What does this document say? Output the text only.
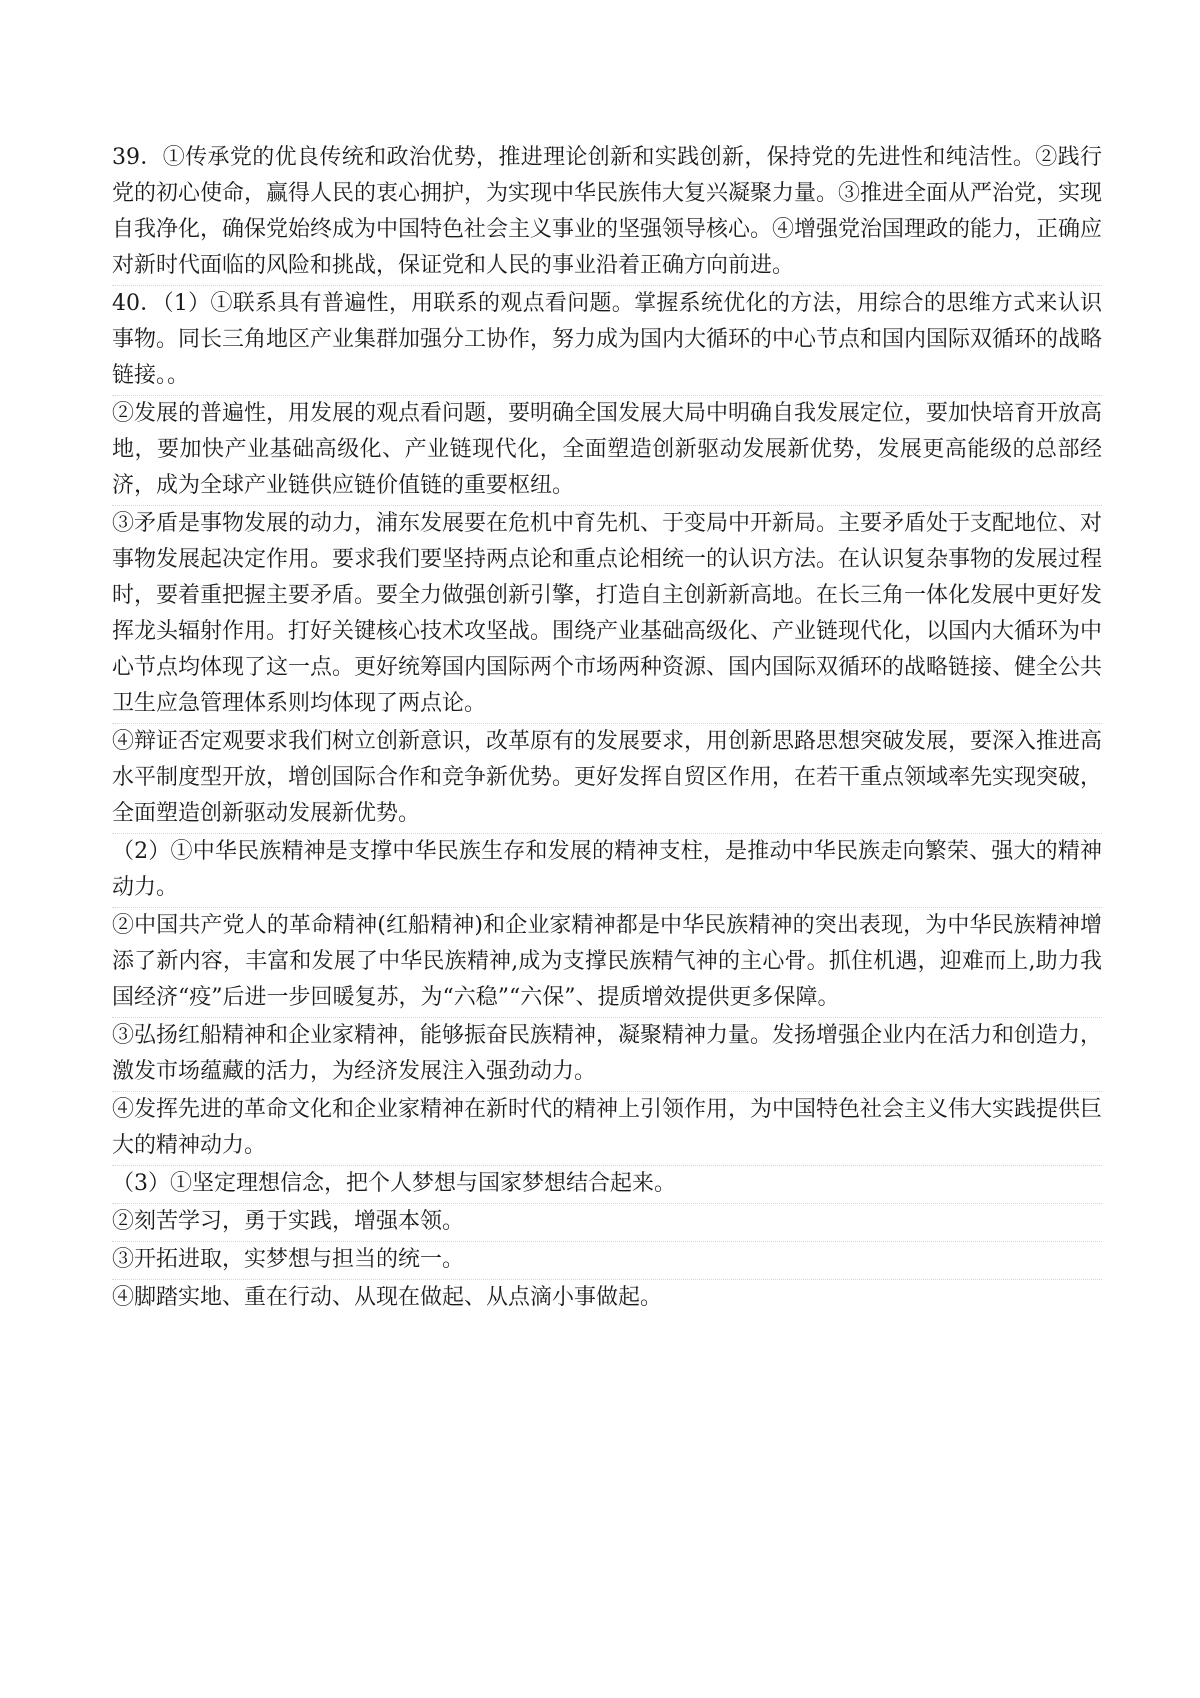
39．①传承党的优良传统和政治优势，推进理论创新和实践创新，保持党的先进性和纯洁性。②践行党的初心使命，赢得人民的衷心拥护，为实现中华民族伟大复兴凝聚力量。③推进全面从严治党，实现自我净化，确保党始终成为中国特色社会主义事业的坚强领导核心。④增强党治国理政的能力，正确应对新时代面临的风险和挑战，保证党和人民的事业沿着正确方向前进。

40．（1）①联系具有普遍性，用联系的观点看问题。掌握系统优化的方法，用综合的思维方式来认识事物。同长三角地区产业集群加强分工协作，努力成为国内大循环的中心节点和国内国际双循环的战略链接。。

②发展的普遍性，用发展的观点看问题，要明确全国发展大局中明确自我发展定位，要加快培育开放高地，要加快产业基础高级化、产业链现代化，全面塑造创新驱动发展新优势，发展更高能级的总部经济，成为全球产业链供应链价值链的重要枢纽。

③矛盾是事物发展的动力，浦东发展要在危机中育先机、于变局中开新局。主要矛盾处于支配地位、对事物发展起决定作用。要求我们要坚持两点论和重点论相统一的认识方法。在认识复杂事物的发展过程时，要着重把握主要矛盾。要全力做强创新引擎，打造自主创新新高地。在长三角一体化发展中更好发挥龙头辐射作用。打好关键核心技术攻坚战。围绕产业基础高级化、产业链现代化，以国内大循环为中心节点均体现了这一点。更好统筹国内国际两个市场两种资源、国内国际双循环的战略链接、健全公共卫生应急管理体系则均体现了两点论。

④辩证否定观要求我们树立创新意识，改革原有的发展要求，用创新思路思想突破发展，要深入推进高水平制度型开放，增创国际合作和竞争新优势。更好发挥自贸区作用，在若干重点领域率先实现突破，全面塑造创新驱动发展新优势。

（2）①中华民族精神是支撑中华民族生存和发展的精神支柱，是推动中华民族走向繁荣、强大的精神动力。

②中国共产党人的革命精神(红船精神)和企业家精神都是中华民族精神的突出表现，为中华民族精神增添了新内容，丰富和发展了中华民族精神,成为支撑民族精气神的主心骨。抓住机遇，迎难而上,助力我国经济“疫”后进一步回暖复苏，为“六稳”“六保”、提质增效提供更多保障。

③弘扬红船精神和企业家精神，能够振奋民族精神，凝聚精神力量。发扬增强企业内在活力和创造力，激发市场蕴藏的活力，为经济发展注入强劲动力。

④发挥先进的革命文化和企业家精神在新时代的精神上引领作用，为中国特色社会主义伟大实践提供巨大的精神动力。

（3）①坚定理想信念，把个人梦想与国家梦想结合起来。

②刻苦学习，勇于实践，增强本领。

③开拓进取，实梦想与担当的统一。

④脚踏实地、重在行动、从现在做起、从点滴小事做起。
